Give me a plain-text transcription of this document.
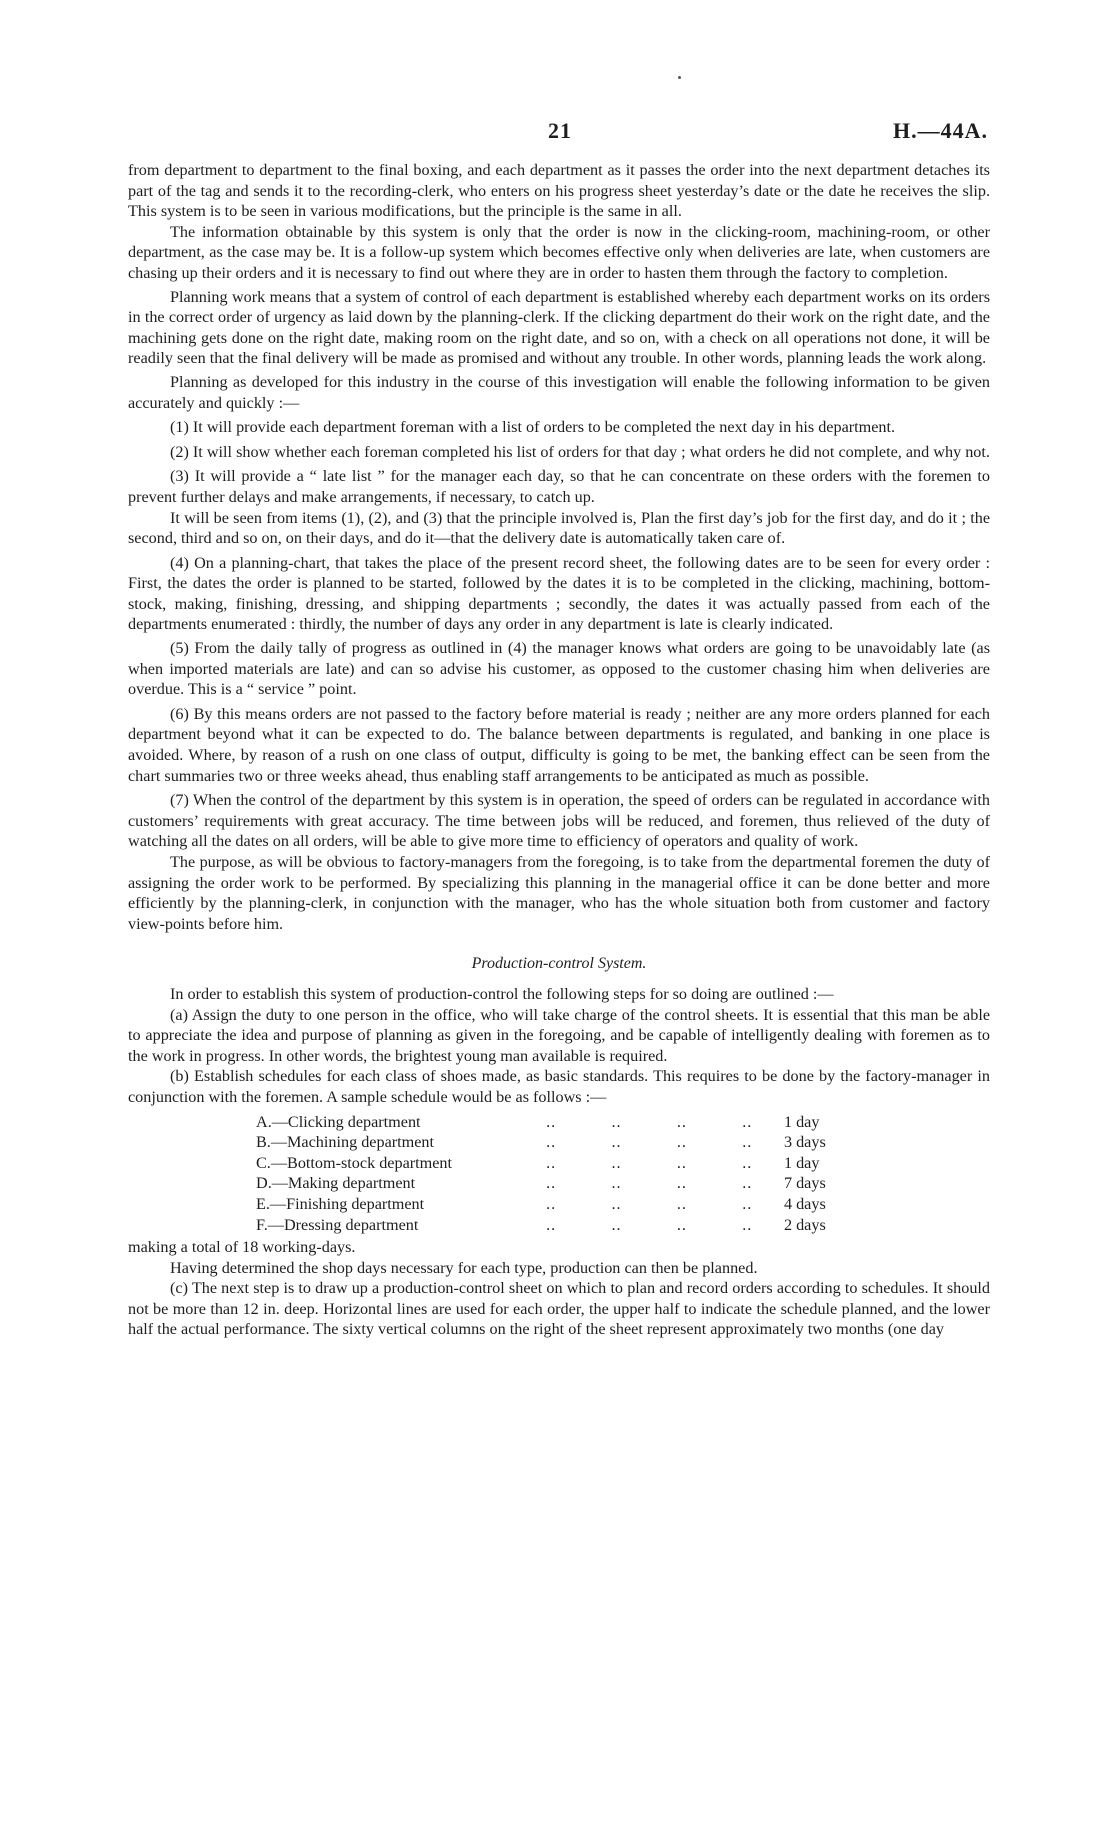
21	H.—44A.

from department to department to the final boxing, and each department as it passes the order into the next department detaches its part of the tag and sends it to the recording-clerk, who enters on his progress sheet yesterday’s date or the date he receives the slip. This system is to be seen in various modifications, but the principle is the same in all.

The information obtainable by this system is only that the order is now in the clicking-room, machining-room, or other department, as the case may be. It is a follow-up system which becomes effective only when deliveries are late, when customers are chasing up their orders and it is necessary to find out where they are in order to hasten them through the factory to completion.

Planning work means that a system of control of each department is established whereby each department works on its orders in the correct order of urgency as laid down by the planning-clerk. If the clicking department do their work on the right date, and the machining gets done on the right date, making room on the right date, and so on, with a check on all operations not done, it will be readily seen that the final delivery will be made as promised and without any trouble. In other words, planning leads the work along.

Planning as developed for this industry in the course of this investigation will enable the following information to be given accurately and quickly :—

(1) It will provide each department foreman with a list of orders to be completed the next day in his department.

(2) It will show whether each foreman completed his list of orders for that day ; what orders he did not complete, and why not.

(3) It will provide a “ late list ” for the manager each day, so that he can concentrate on these orders with the foremen to prevent further delays and make arrangements, if necessary, to catch up.

It will be seen from items (1), (2), and (3) that the principle involved is, Plan the first day’s job for the first day, and do it ; the second, third and so on, on their days, and do it—that the delivery date is automatically taken care of.

(4) On a planning-chart, that takes the place of the present record sheet, the following dates are to be seen for every order : First, the dates the order is planned to be started, followed by the dates it is to be completed in the clicking, machining, bottom-stock, making, finishing, dressing, and shipping departments ; secondly, the dates it was actually passed from each of the departments enumerated : thirdly, the number of days any order in any department is late is clearly indicated.

(5) From the daily tally of progress as outlined in (4) the manager knows what orders are going to be unavoidably late (as when imported materials are late) and can so advise his customer, as opposed to the customer chasing him when deliveries are overdue. This is a “ service ” point.

(6) By this means orders are not passed to the factory before material is ready ; neither are any more orders planned for each department beyond what it can be expected to do. The balance between departments is regulated, and banking in one place is avoided. Where, by reason of a rush on one class of output, difficulty is going to be met, the banking effect can be seen from the chart summaries two or three weeks ahead, thus enabling staff arrangements to be anticipated as much as possible.

(7) When the control of the department by this system is in operation, the speed of orders can be regulated in accordance with customers’ requirements with great accuracy. The time between jobs will be reduced, and foremen, thus relieved of the duty of watching all the dates on all orders, will be able to give more time to efficiency of operators and quality of work.

The purpose, as will be obvious to factory-managers from the foregoing, is to take from the departmental foremen the duty of assigning the order work to be performed. By specializing this planning in the managerial office it can be done better and more efficiently by the planning-clerk, in conjunction with the manager, who has the whole situation both from customer and factory view-points before him.

Production-control System.

In order to establish this system of production-control the following steps for so doing are outlined :—

(a) Assign the duty to one person in the office, who will take charge of the control sheets. It is essential that this man be able to appreciate the idea and purpose of planning as given in the foregoing, and be capable of intelligently dealing with foremen as to the work in progress. In other words, the brightest young man available is required.

(b) Establish schedules for each class of shoes made, as basic standards. This requires to be done by the factory-manager in conjunction with the foremen. A sample schedule would be as follows :—

A.—Clicking department	..	..	..	..	1 day
B.—Machining department	..	..	..	..	3 days
C.—Bottom-stock department	..	..	..	..	1 day
D.—Making department	..	..	..	..	7 days
E.—Finishing department	..	..	..	..	4 days
F.—Dressing department	..	..	..	..	2 days

making a total of 18 working-days.

Having determined the shop days necessary for each type, production can then be planned.

(c) The next step is to draw up a production-control sheet on which to plan and record orders according to schedules. It should not be more than 12 in. deep. Horizontal lines are used for each order, the upper half to indicate the schedule planned, and the lower half the actual performance. The sixty vertical columns on the right of the sheet represent approximately two months (one day
